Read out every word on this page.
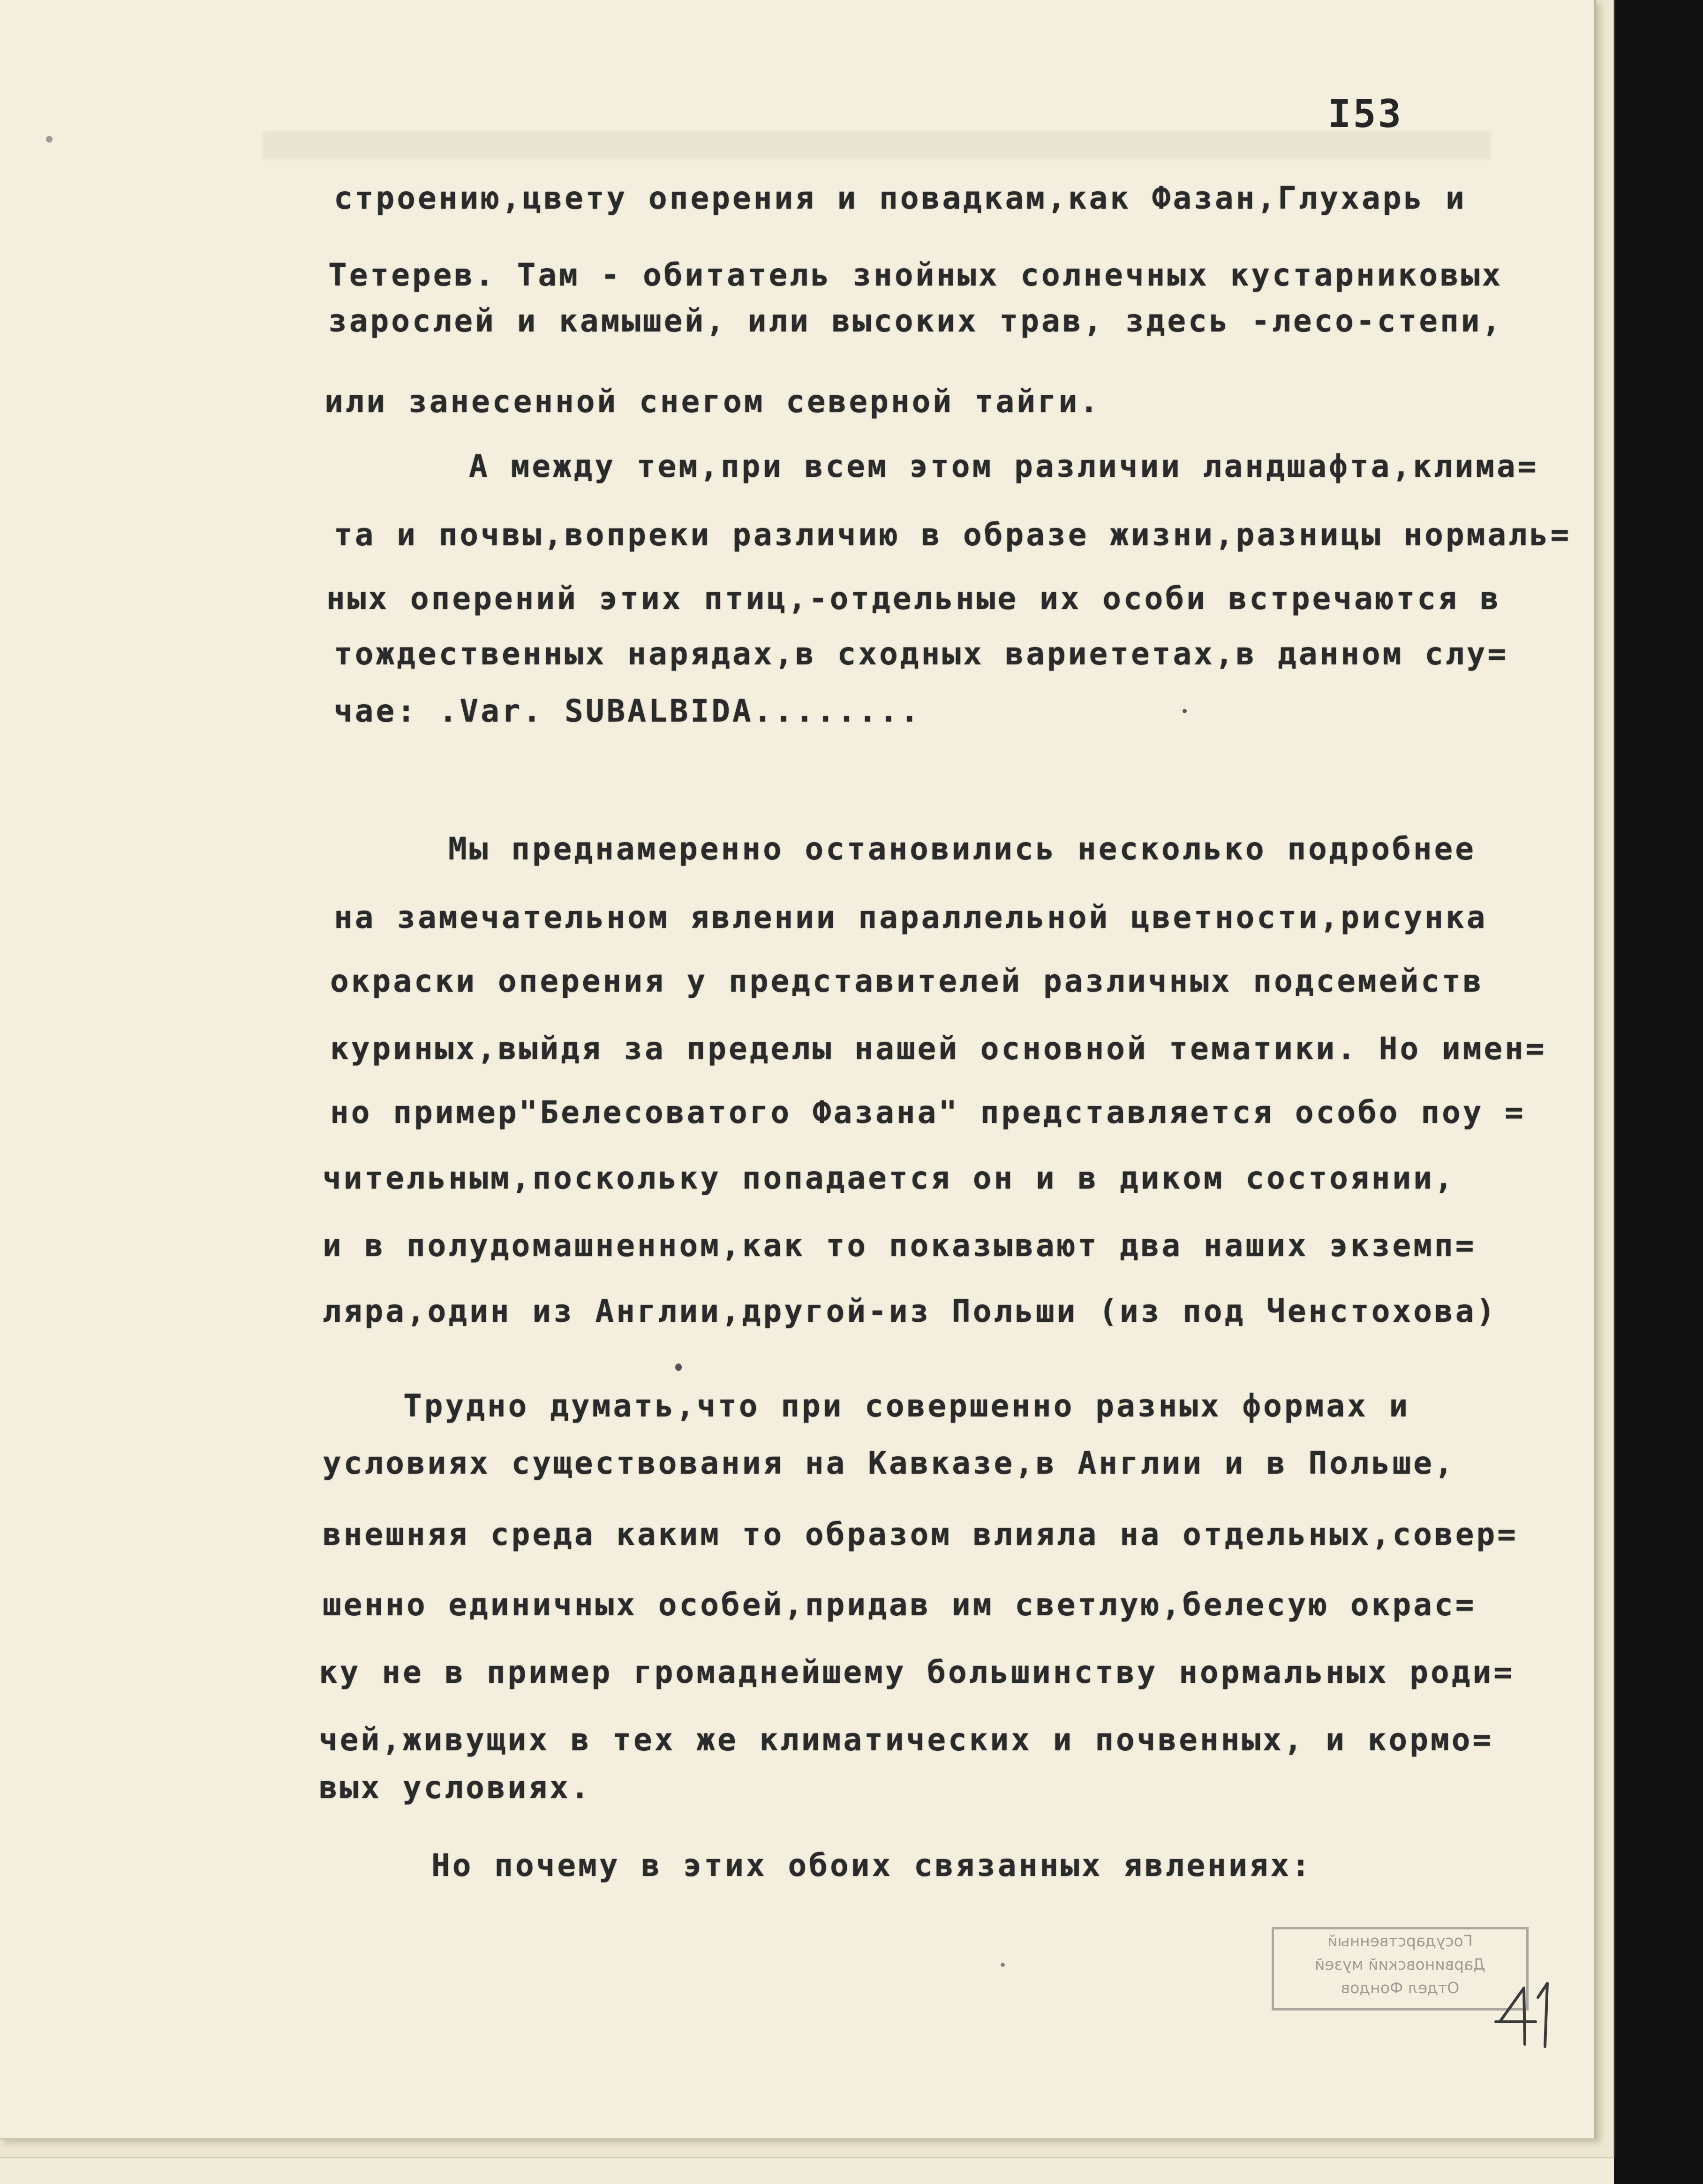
I53
строению,цвету оперения и повадкам,как Фазан,Глухарь и
Тетерев. Там - обитатель знойных солнечных кустарниковых
зарослей и камышей, или высоких трав, здесь -лесо-степи,
или занесенной снегом северной тайги.
А между тем,при всем этом различии ландшафта,клима=
та и почвы,вопреки различию в образе жизни,разницы нормаль=
ных оперений этих птиц,-отдельные их особи встречаются в
тождественных нарядах,в сходных вариететах,в данном слу=
чае: .Var. SUBALBIDA........
Мы преднамеренно остановились несколько подробнее
на замечательном явлении параллельной цветности,рисунка
окраски оперения у представителей различных подсемейств
куриных,выйдя за пределы нашей основной тематики. Но имен=
но пример"Белесоватого Фазана" представляется особо поу =
чительным,поскольку попадается он и в диком состоянии,
и в полудомашненном,как то показывают два наших экземп=
ляра,один из Англии,другой-из Польши (из под Ченстохова)
Трудно думать,что при совершенно разных формах и
условиях существования на Кавказе,в Англии и в Польше,
внешняя среда каким то образом влияла на отдельных,совер=
шенно единичных особей,придав им светлую,белесую окрас=
ку не в пример громаднейшему большинству нормальных роди=
чей,живущих в тех же климатических и почвенных, и кормо=
вых условиях.
Но почему в этих обоих связанных явлениях:
Государственный
Дарвиновский музей
Отдел Фондов
